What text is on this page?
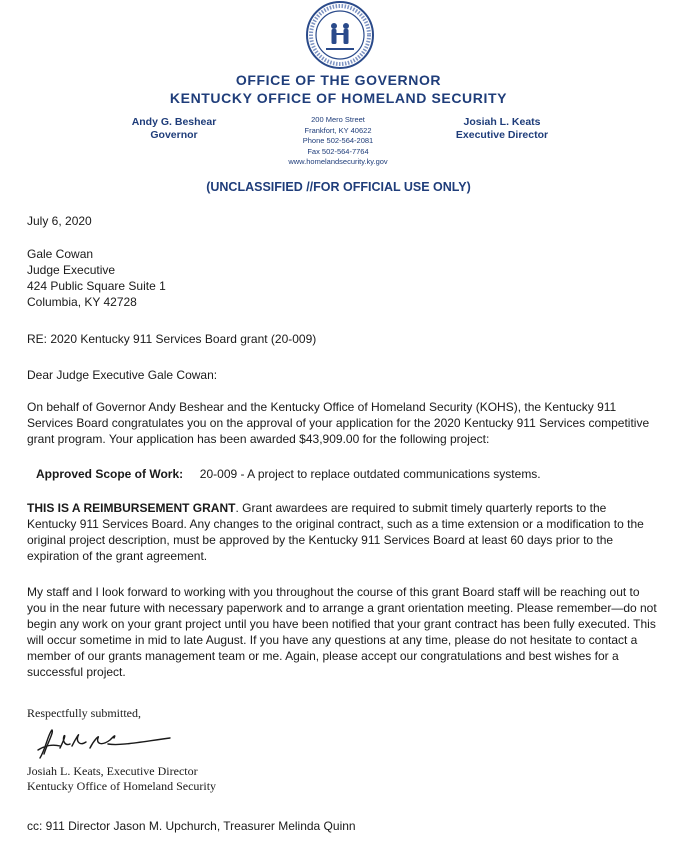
OFFICE OF THE GOVERNOR
KENTUCKY OFFICE OF HOMELAND SECURITY
Andy G. Beshear
Governor
200 Mero Street
Frankfort, KY 40622
Phone 502-564-2081
Fax 502-564-7764
www.homelandsecurity.ky.gov
Josiah L. Keats
Executive Director
(UNCLASSIFIED //FOR OFFICIAL USE ONLY)

July 6, 2020

Gale Cowan
Judge Executive
424 Public Square Suite 1
Columbia, KY 42728

RE: 2020 Kentucky 911 Services Board grant (20-009)

Dear Judge Executive Gale Cowan:

On behalf of Governor Andy Beshear and the Kentucky Office of Homeland Security (KOHS), the Kentucky 911 Services Board congratulates you on the approval of your application for the 2020 Kentucky 911 Services competitive grant program. Your application has been awarded $43,909.00 for the following project:

Approved Scope of Work: 20-009 - A project to replace outdated communications systems.

THIS IS A REIMBURSEMENT GRANT. Grant awardees are required to submit timely quarterly reports to the Kentucky 911 Services Board. Any changes to the original contract, such as a time extension or a modification to the original project description, must be approved by the Kentucky 911 Services Board at least 60 days prior to the expiration of the grant agreement.

My staff and I look forward to working with you throughout the course of this grant Board staff will be reaching out to you in the near future with necessary paperwork and to arrange a grant orientation meeting. Please remember—do not begin any work on your grant project until you have been notified that your grant contract has been fully executed. This will occur sometime in mid to late August. If you have any questions at any time, please do not hesitate to contact a member of our grants management team or me. Again, please accept our congratulations and best wishes for a successful project.

Respectfully submitted,
Josiah L. Keats, Executive Director
Kentucky Office of Homeland Security

cc: 911 Director Jason M. Upchurch, Treasurer Melinda Quinn
